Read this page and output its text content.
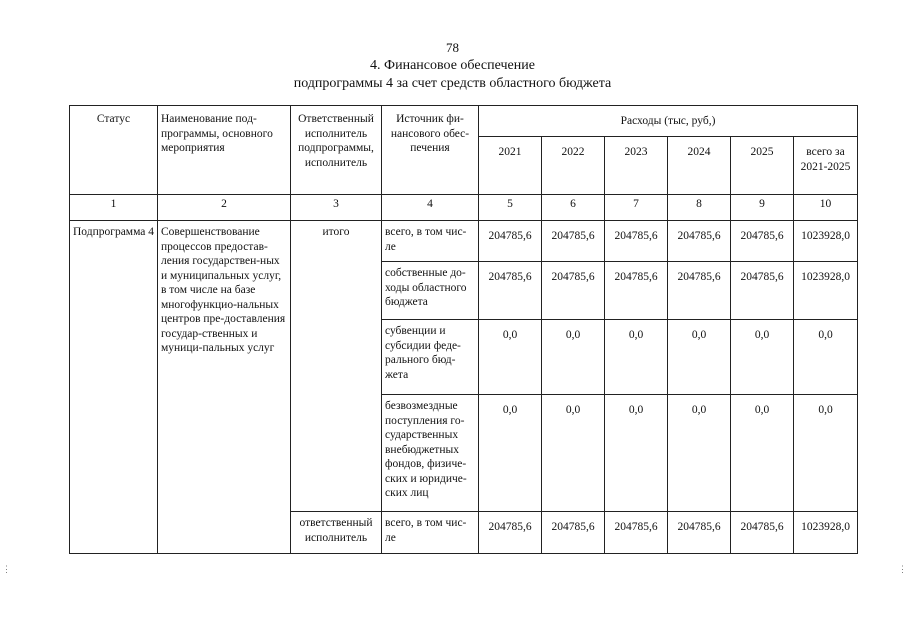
78
4. Финансовое обеспечение
подпрограммы 4 за счет средств областного бюджета
⋮	⋮
Статус	Наименование под-программы, основного мероприятия	Ответственный исполнитель подпрограммы, исполнитель	Источник фи-нансового обес-печения	Расходы (тыс, руб,)					
				2021	2022	2023	2024	2025	всего за 2021-2025
1	2	3	4	5	6	7	8	9	10
Подпрограмма 4	Совершенствование процессов предостав-ления государствен-ных и муниципальных услуг, в том числе на базе многофункцио-нальных центров пре-доставления государ-ственных и муници-пальных услуг	итого	всего, в том чис-ле	204785,6	204785,6	204785,6	204785,6	204785,6	1023928,0
			собственные до-ходы областного бюджета	204785,6	204785,6	204785,6	204785,6	204785,6	1023928,0
			субвенции и субсидии феде-рального бюд-жета	0,0	0,0	0,0	0,0	0,0	0,0
			безвозмездные поступления го-сударственных внебюджетных фондов, физиче-ских и юридиче-ских лиц	0,0	0,0	0,0	0,0	0,0	0,0
		ответственный исполнитель	всего, в том чис-ле	204785,6	204785,6	204785,6	204785,6	204785,6	1023928,0
